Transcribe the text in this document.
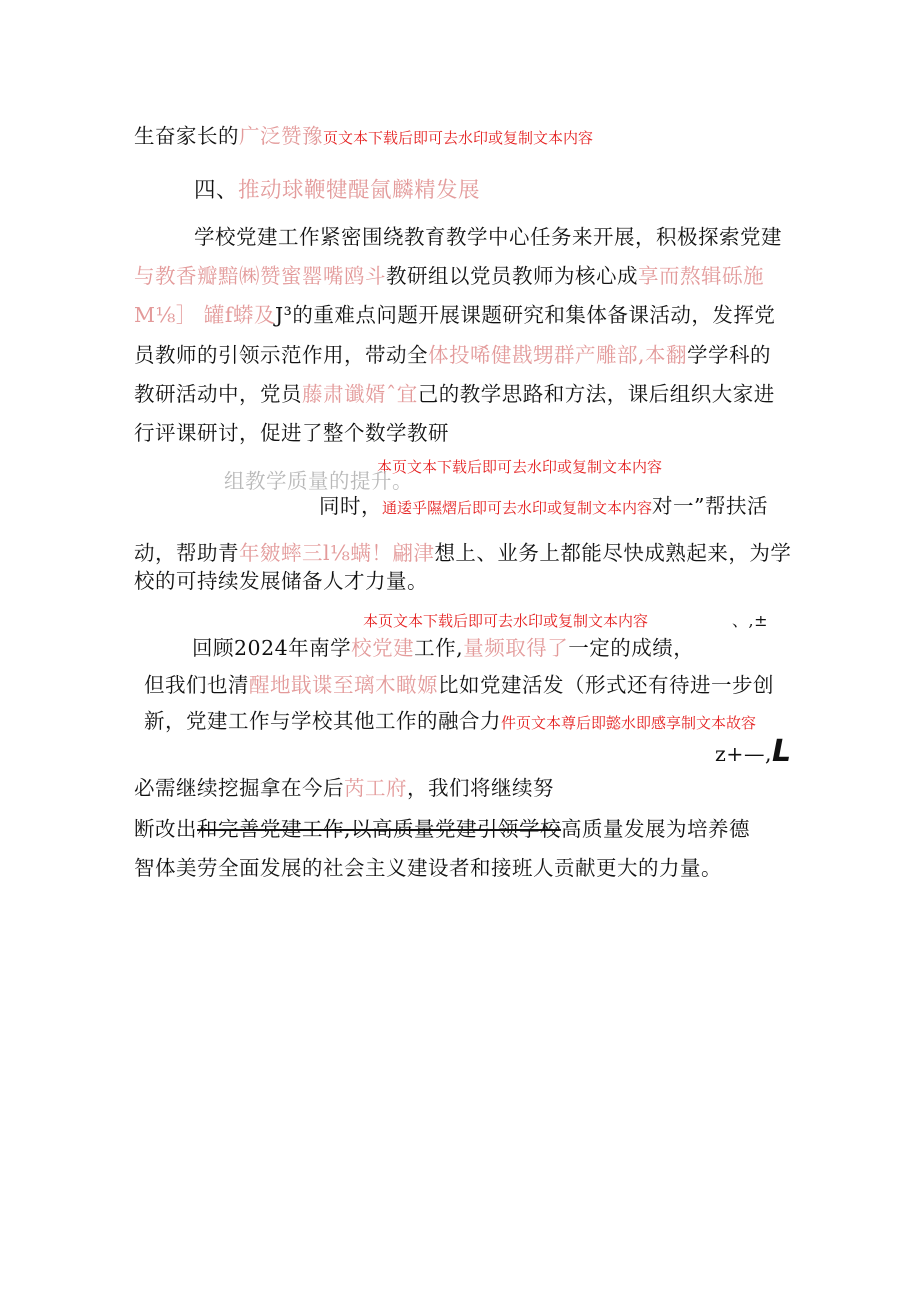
生奋家长的广泛赞豫页文本下载后即可去水印或复制文本内容
四、推动球鞭犍醍氤麟精发展
学校党建工作紧密围绕教育教学中心任务来开展，积极探索党建
与教香瓣黯㈱赞蜜罂嘴鸥斗教研组以党员教师为核心成享而熬辑砾施
M⅛］ 罐f蟒及J³的重难点问题开展课题研究和集体备课活动，发挥党
员教师的引领示范作用，带动全体投唏健戡甥群产雕部,本翻学学科的
教研活动中，党员藤肃谶婿ˆ宜己的教学思路和方法，课后组织大家进
行评课研讨，促进了整个数学教研
本页文本下载后即可去水印或复制文本内容
组教学质量的提升。
同时，通逶乎隰熠后即可去水印或复制文本内容对一”帮扶活
动，帮助青年皴蟀三l⅛螨！翩津想上、业务上都能尽快成熟起来，为学
校的可持续发展储备人才力量。
本页文本下载后即可去水印或复制文本内容	、,±
回顾2024年南学校党建工作,量频取得了一定的成绩，
但我们也清醒地戢谍至璃木瞰嫄比如党建活发（形式还有待进一步创
新，党建工作与学校其他工作的融合力件页文本尊后即懿水即感享制文本故容
z+—,L
必需继续挖掘拿在今后芮工府，我们将继续努
断改出和完善党建工作,以高质量党建引领学校高质量发展为培养德
智体美劳全面发展的社会主义建设者和接班人贡献更大的力量。
